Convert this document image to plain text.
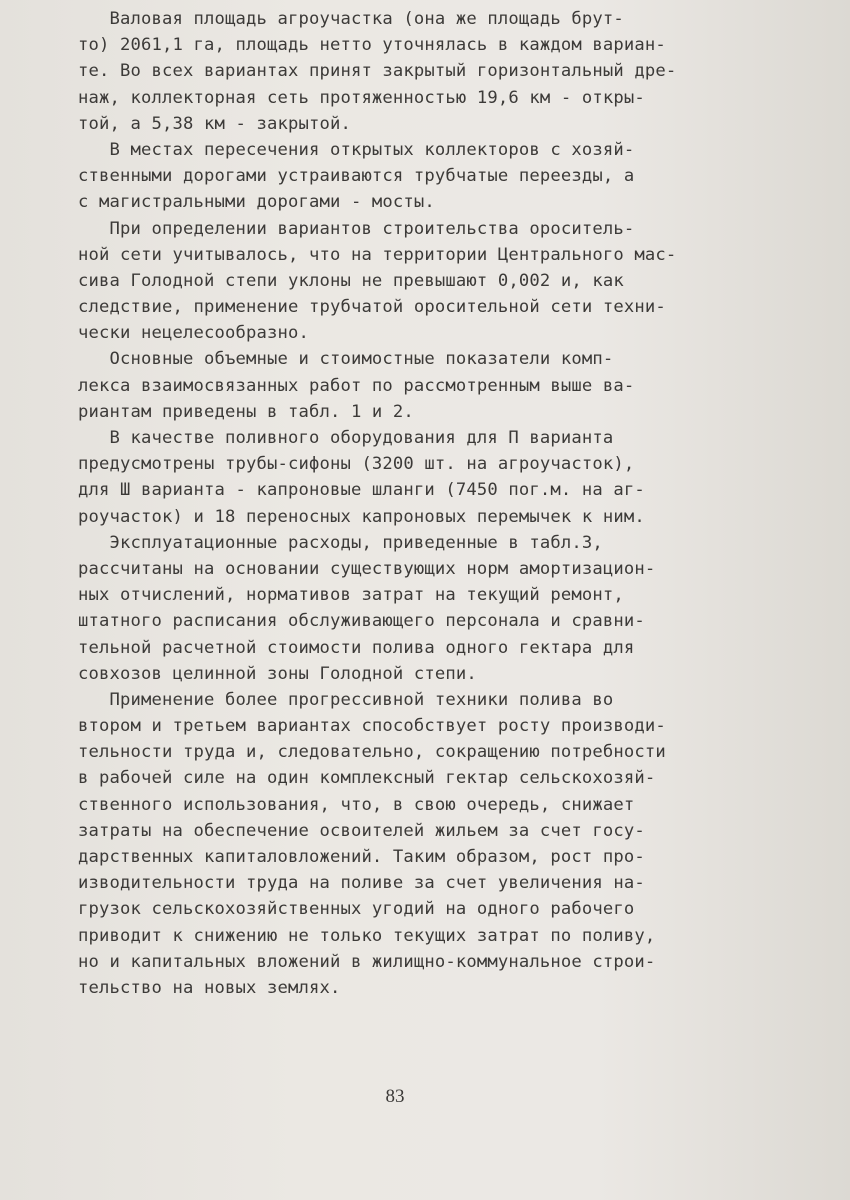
Валовая площадь агроучастка (она же площадь брут-
то) 2061,1 га, площадь нетто уточнялась в каждом вариан-
те. Во всех вариантах принят закрытый горизонтальный дре-
наж, коллекторная сеть протяженностью 19,6 км - откры-
той, а 5,38 км - закрытой.
В местах пересечения открытых коллекторов с хозяй-
ственными дорогами устраиваются трубчатые переезды, а
с магистральными дорогами - мосты.
При определении вариантов строительства ороситель-
ной сети учитывалось, что на территории Центрального мас-
сива Голодной степи уклоны не превышают 0,002 и, как
следствие, применение трубчатой оросительной сети техни-
чески нецелесообразно.
Основные объемные и стоимостные показатели комп-
лекса взаимосвязанных работ по рассмотренным выше ва-
риантам приведены в табл. 1 и 2.
В качестве поливного оборудования для П варианта
предусмотрены трубы-сифоны (3200 шт. на агроучасток),
для Ш варианта - капроновые шланги (7450 пог.м. на аг-
роучасток) и 18 переносных капроновых перемычек к ним.
Эксплуатационные расходы, приведенные в табл.3,
рассчитаны на основании существующих норм амортизацион-
ных отчислений, нормативов затрат на текущий ремонт,
штатного расписания обслуживающего персонала и сравни-
тельной расчетной стоимости полива одного гектара для
совхозов целинной зоны Голодной степи.
Применение более прогрессивной техники полива во
втором и третьем вариантах способствует росту производи-
тельности труда и, следовательно, сокращению потребности
в рабочей силе на один комплексный гектар сельскохозяй-
ственного использования, что, в свою очередь, снижает
затраты на обеспечение освоителей жильем за счет госу-
дарственных капиталовложений. Таким образом, рост про-
изводительности труда на поливе за счет увеличения на-
грузок сельскохозяйственных угодий на одного рабочего
приводит к снижению не только текущих затрат по поливу,
но и капитальных вложений в жилищно-коммунальное строи-
тельство на новых землях.
83
